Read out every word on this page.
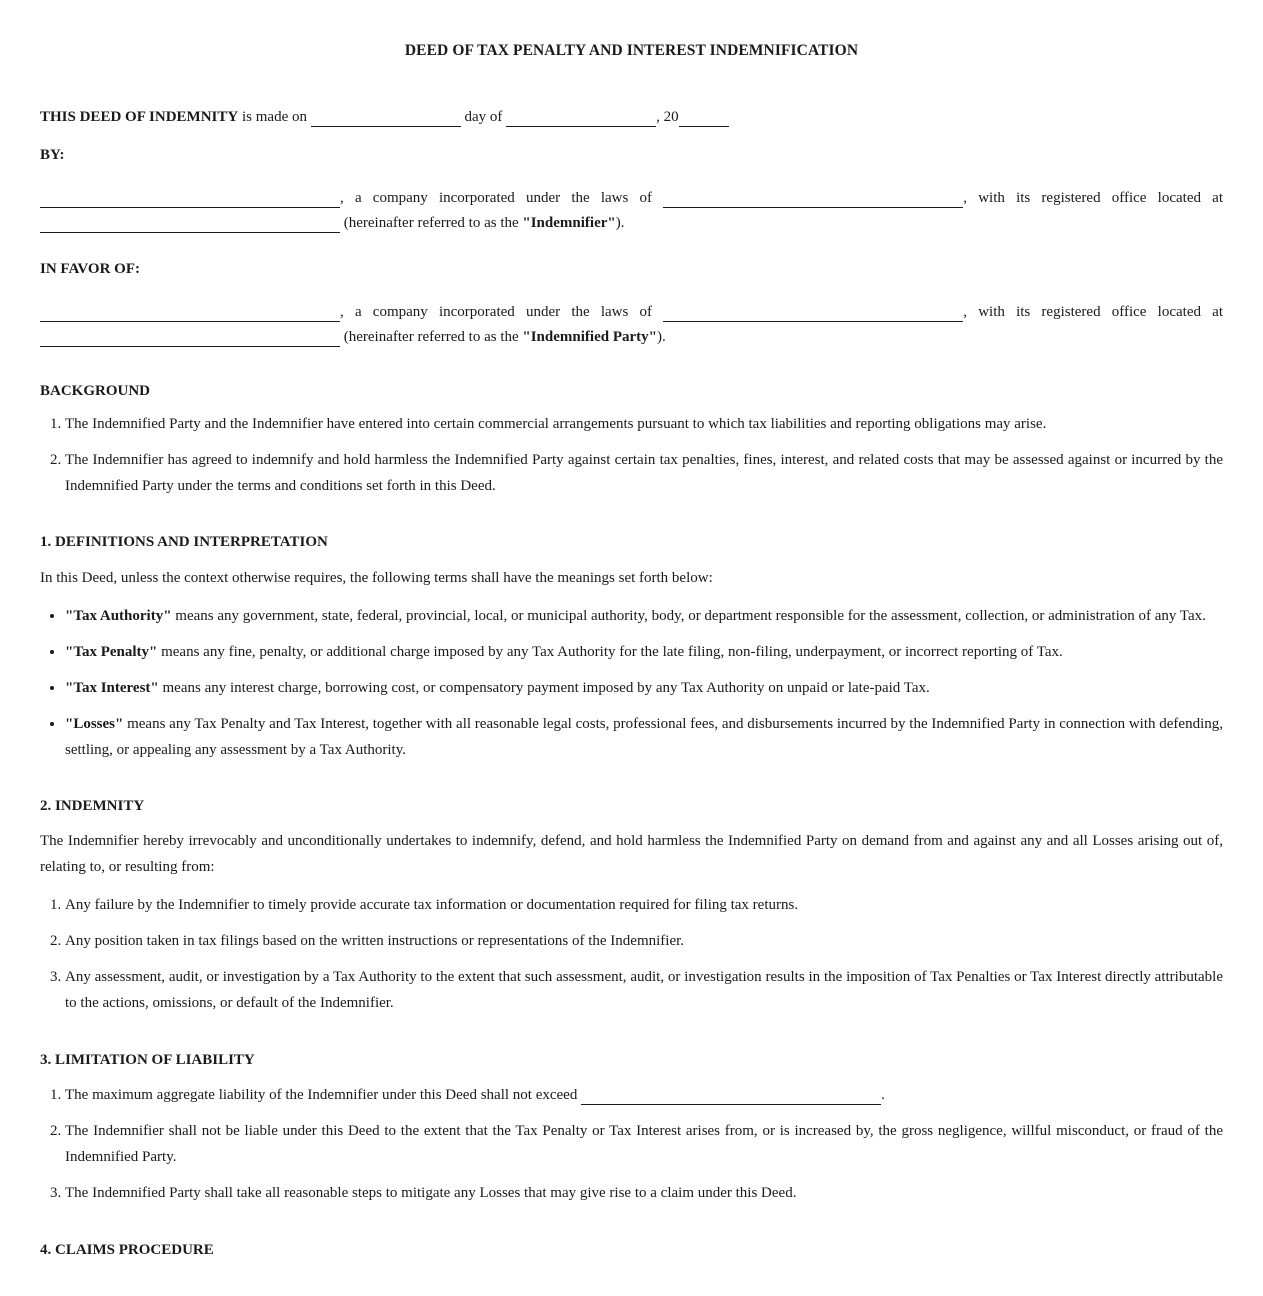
DEED OF TAX PENALTY AND INTEREST INDEMNIFICATION

THIS DEED OF INDEMNITY is made on	day of	, 20

BY:

, a company incorporated under the laws of	, with its registered office located at  (hereinafter referred to as the "Indemnifier").

IN FAVOR OF:

, a company incorporated under the laws of	, with its registered office located at  (hereinafter referred to as the "Indemnified Party").

BACKGROUND

1. The Indemnified Party and the Indemnifier have entered into certain commercial arrangements pursuant to which tax liabilities and reporting obligations may arise.
2. The Indemnifier has agreed to indemnify and hold harmless the Indemnified Party against certain tax penalties, fines, interest, and related costs that may be assessed against or incurred by the Indemnified Party under the terms and conditions set forth in this Deed.

1. DEFINITIONS AND INTERPRETATION

In this Deed, unless the context otherwise requires, the following terms shall have the meanings set forth below:

• "Tax Authority" means any government, state, federal, provincial, local, or municipal authority, body, or department responsible for the assessment, collection, or administration of any Tax.
• "Tax Penalty" means any fine, penalty, or additional charge imposed by any Tax Authority for the late filing, non-filing, underpayment, or incorrect reporting of Tax.
• "Tax Interest" means any interest charge, borrowing cost, or compensatory payment imposed by any Tax Authority on unpaid or late-paid Tax.
• "Losses" means any Tax Penalty and Tax Interest, together with all reasonable legal costs, professional fees, and disbursements incurred by the Indemnified Party in connection with defending, settling, or appealing any assessment by a Tax Authority.

2. INDEMNITY

The Indemnifier hereby irrevocably and unconditionally undertakes to indemnify, defend, and hold harmless the Indemnified Party on demand from and against any and all Losses arising out of, relating to, or resulting from:

1. Any failure by the Indemnifier to timely provide accurate tax information or documentation required for filing tax returns.
2. Any position taken in tax filings based on the written instructions or representations of the Indemnifier.
3. Any assessment, audit, or investigation by a Tax Authority to the extent that such assessment, audit, or investigation results in the imposition of Tax Penalties or Tax Interest directly attributable to the actions, omissions, or default of the Indemnifier.

3. LIMITATION OF LIABILITY

1. The maximum aggregate liability of the Indemnifier under this Deed shall not exceed	.
2. The Indemnifier shall not be liable under this Deed to the extent that the Tax Penalty or Tax Interest arises from, or is increased by, the gross negligence, willful misconduct, or fraud of the Indemnified Party.
3. The Indemnified Party shall take all reasonable steps to mitigate any Losses that may give rise to a claim under this Deed.

4. CLAIMS PROCEDURE
